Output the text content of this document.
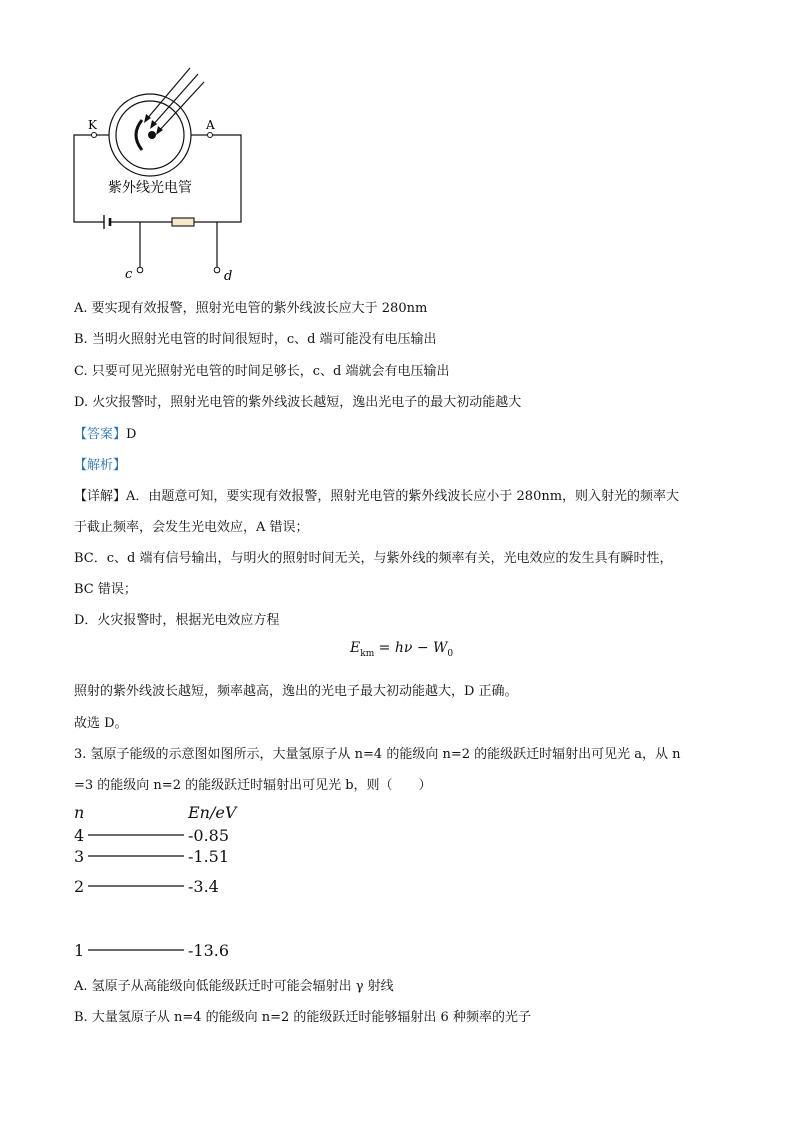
K	A
c	d
紫外线光电管
A. 要实现有效报警，照射光电管的紫外线波长应大于 280nm
B. 当明火照射光电管的时间很短时，c、d 端可能没有电压输出
C. 只要可见光照射光电管的时间足够长，c、d 端就会有电压输出
D. 火灾报警时，照射光电管的紫外线波长越短，逸出光电子的最大初动能越大
【答案】D
【解析】
【详解】A．由题意可知，要实现有效报警，照射光电管的紫外线波长应小于 280nm，则入射光的频率大
于截止频率，会发生光电效应，A 错误；
BC．c、d 端有信号输出，与明火的照射时间无关，与紫外线的频率有关，光电效应的发生具有瞬时性，
BC 错误；
D．火灾报警时，根据光电效应方程
$E_{km} = h\nu - W_0$
照射的紫外线波长越短，频率越高，逸出的光电子最大初动能越大，D 正确。
故选 D。
3. 氢原子能级的示意图如图所示，大量氢原子从 n=4 的能级向 n=2 的能级跃迁时辐射出可见光 a，从 n
=3 的能级向 n=2 的能级跃迁时辐射出可见光 b，则（　　）
n	En/eV
4	-0.85
3	-1.51
2	-3.4
1	-13.6
A. 氢原子从高能级向低能级跃迁时可能会辐射出 γ 射线
B. 大量氢原子从 n=4 的能级向 n=2 的能级跃迁时能够辐射出 6 种频率的光子
